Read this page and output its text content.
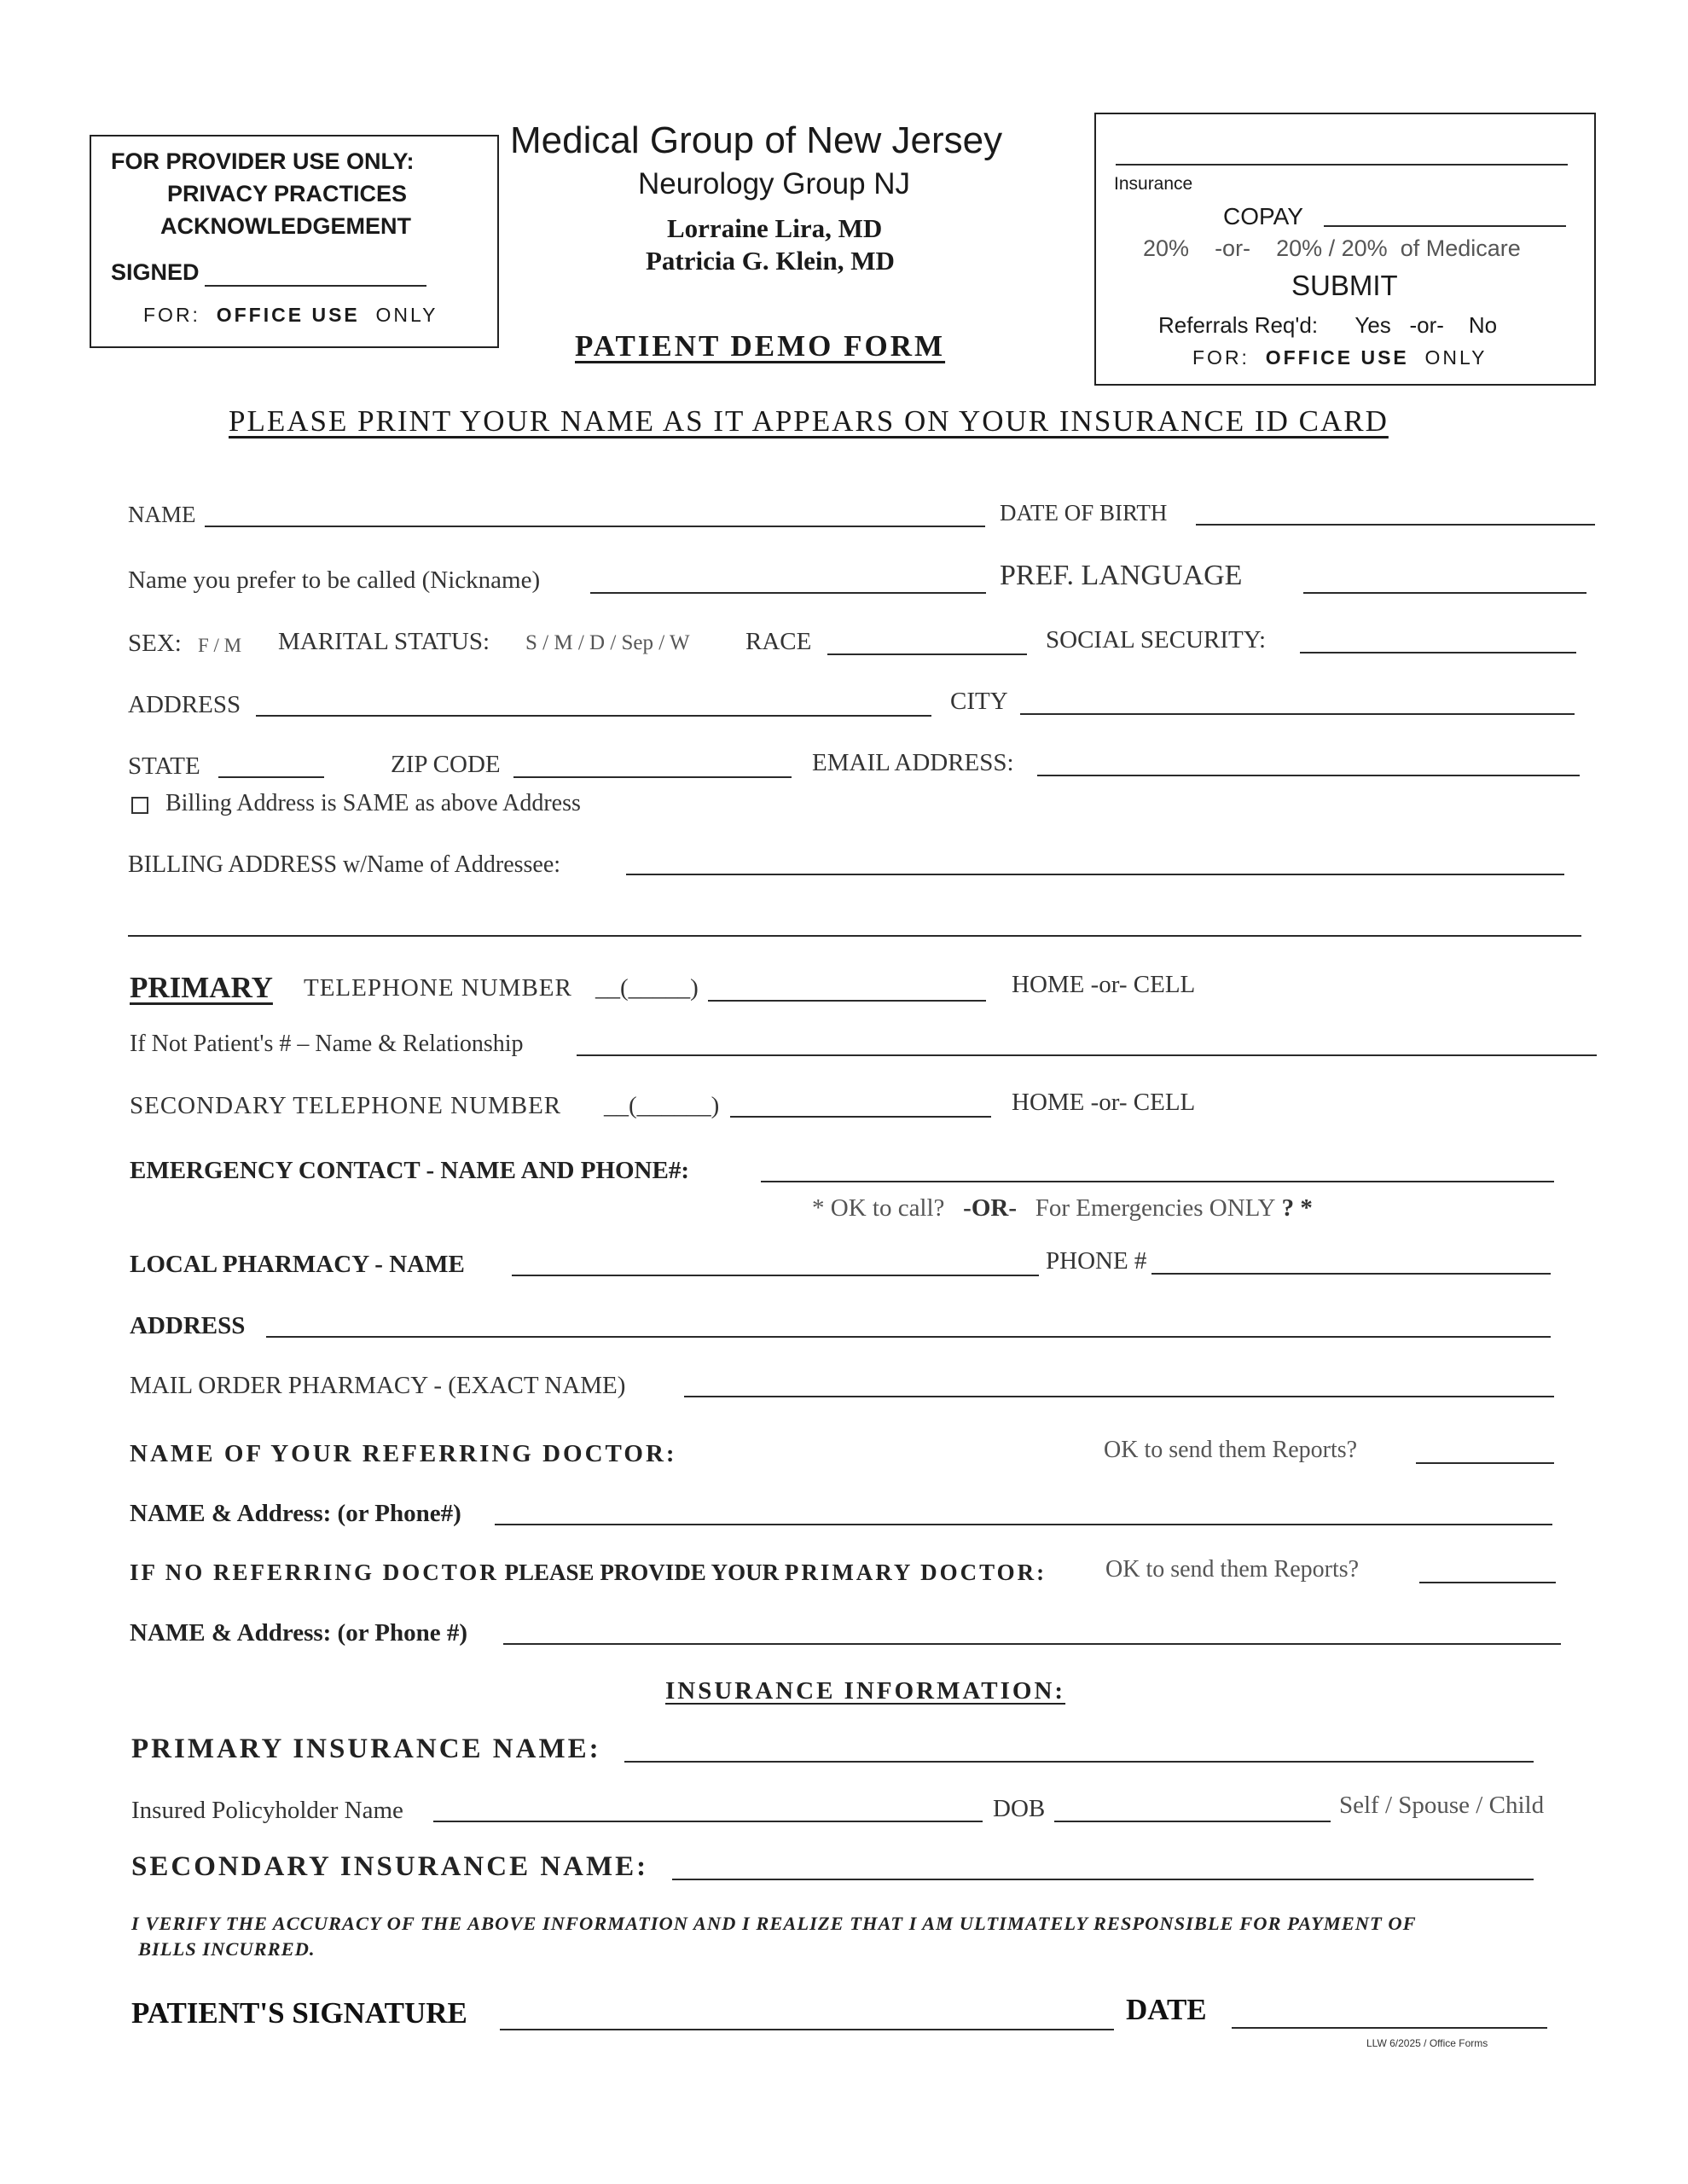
FOR PROVIDER USE ONLY:
PRIVACY PRACTICES
ACKNOWLEDGEMENT
SIGNED
FOR: OFFICE USE ONLY
Medical Group of New Jersey
Neurology Group NJ
Lorraine Lira, MD
Patricia G. Klein, MD
PATIENT DEMO FORM
Insurance
COPAY
20% -or- 20% / 20% of Medicare
SUBMIT
Referrals Req'd: Yes -or- No
FOR: OFFICE USE ONLY
PLEASE PRINT YOUR NAME AS IT APPEARS ON YOUR INSURANCE ID CARD
NAME	DATE OF BIRTH
Name you prefer to be called (Nickname)	PREF. LANGUAGE
SEX: F / M MARITAL STATUS: S / M / D / Sep / W RACE	SOCIAL SECURITY:
ADDRESS	CITY
STATE	ZIP CODE	EMAIL ADDRESS:
Billing Address is SAME as above Address
BILLING ADDRESS w/Name of Addressee:
PRIMARY TELEPHONE NUMBER __(_____)	HOME -or- CELL
If Not Patient's # – Name & Relationship
SECONDARY TELEPHONE NUMBER __(______)	HOME -or- CELL
EMERGENCY CONTACT - NAME AND PHONE#:
* OK to call? -OR- For Emergencies ONLY ? *
LOCAL PHARMACY - NAME	PHONE #
ADDRESS
MAIL ORDER PHARMACY - (EXACT NAME)
NAME OF YOUR REFERRING DOCTOR:	OK to send them Reports?
NAME & Address: (or Phone#)
IF NO REFERRING DOCTOR PLEASE PROVIDE YOUR PRIMARY DOCTOR: OK to send them Reports?
NAME & Address: (or Phone #)
INSURANCE INFORMATION:
PRIMARY INSURANCE NAME:
Insured Policyholder Name	DOB	Self / Spouse / Child
SECONDARY INSURANCE NAME:
I VERIFY THE ACCURACY OF THE ABOVE INFORMATION AND I REALIZE THAT I AM ULTIMATELY RESPONSIBLE FOR PAYMENT OF
BILLS INCURRED.
PATIENT'S SIGNATURE	DATE
LLW 6/2025 / Office Forms
